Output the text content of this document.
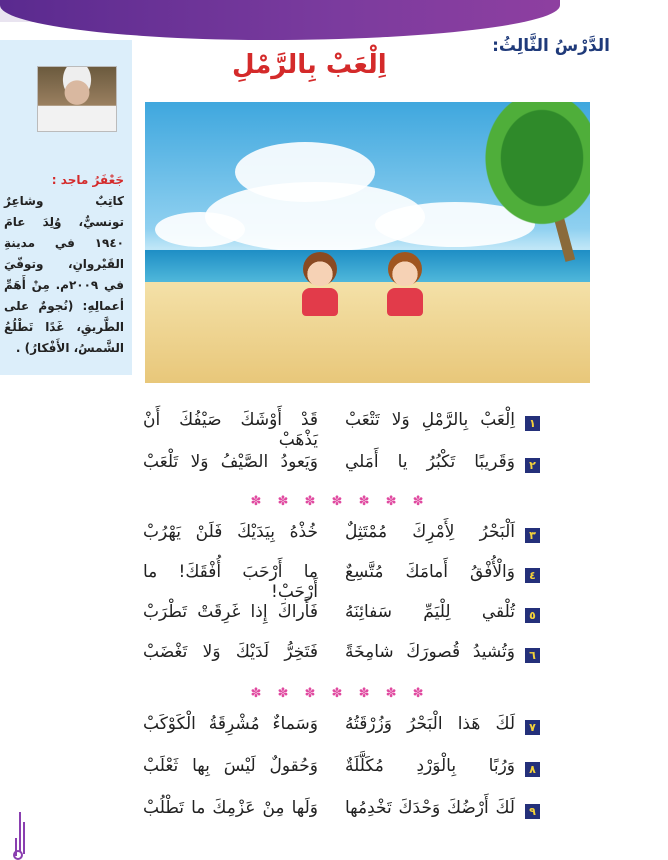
الدَّرْسُ الثَّالِثُ:
اِلْعَبْ بِالرَّمْلِ
جَعْفَرُ ماجد :
كاتِبٌ وشاعِرٌ تونسيٌّ، وُلِدَ عامَ ١٩٤٠ في مدينةِ القَيْروانِ، وتوفّيَ في ٢٠٠٩م. مِنْ أَهَمِّ أعمالِهِ: (نُجومٌ على الطَّريقِ، غَدًا تَطْلُعُ الشَّمسُ، الأَفْكارُ) .
١
اِلْعَبْ بِالرَّمْلِ وَلا تَتْعَبْ
قَدْ أَوْشَكَ صَيْفُكَ أَنْ يَذْهَبْ
٢
وَقَريبًا تَكْبُرُ يا أَمَلي
وَيَعودُ الصَّيْفُ وَلا تَلْعَبْ
✽ ✽ ✽ ✽ ✽ ✽ ✽
٣
اَلْبَحْرُ لِأَمْرِكَ مُمْتَثِلٌ
خُذْهُ بِيَدَيْكَ فَلَنْ يَهْرُبْ
٤
وَالْأُفْقُ أَمامَكَ مُتَّسِعٌ
ما أَرْحَبَ أُفْقَكَ! ما أَرْحَبْ!
٥
تُلْقي لِلْيَمِّ سَفائِنَهُ
فَأَراكَ إِذا غَرِقَتْ تَطْرَبْ
٦
وَتُشيدُ قُصورَكَ شامِخَةً
فَتَخِرُّ لَدَيْكَ وَلا تَغْضَبْ
✽ ✽ ✽ ✽ ✽ ✽ ✽
٧
لَكَ هَذا الْبَحْرُ وَزُرْقَتُهُ
وَسَماءٌ مُشْرِقَةُ الْكَوْكَبْ
٨
وَرُبًا بِالْوَرْدِ مُكَلَّلَةٌ
وَحُقولٌ لَيْسَ بِها ثَعْلَبْ
٩
لَكَ أَرْضُكَ وَحْدَكَ تَخْدِمُها
وَلَها مِنْ عَزْمِكَ ما تَطْلُبْ
